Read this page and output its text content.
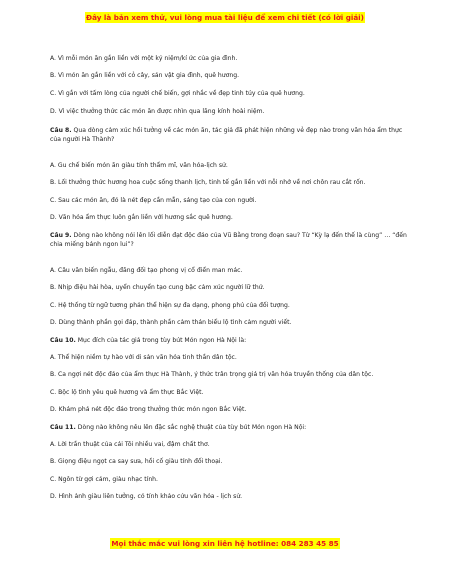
Đây là bản xem thử, vui lòng mua tài liệu để xem chi tiết (có lời giải)
A. Vì mỗi món ăn gắn liền với một kỷ niệm/kí ức của gia đình.
B. Vì món ăn gắn liền với cỏ cây, sản vật gia đình, quê hương.
C. Vì gắn với tấm lòng của người chế biến, gợi nhắc về đẹp tinh túy của quê hương.
D. Vì việc thưởng thức các món ăn được nhìn qua lăng kính hoài niệm.
Câu 8. Qua dòng cảm xúc hồi tưởng về các món ăn, tác giả đã phát hiện những vẻ đẹp nào trong văn hóa ẩm thực của người Hà Thành?
A. Gu chế biến món ăn giàu tính thẩm mĩ, văn hóa-lịch sử.
B. Lối thưởng thức hương hoa cuộc sống thanh lịch, tinh tế gắn liền với nỗi nhớ về nơi chôn rau cắt rốn.
C. Sau các món ăn, đó là nét đẹp cần mẫn, sáng tạo của con người.
D. Văn hóa ẩm thực luôn gắn liền với hương sắc quê hương.
Câu 9. Dòng nào không nói lên lối diễn đạt độc đáo của Vũ Bằng trong đoạn sau? Từ “Kỳ lạ đến thế là cùng” … “đến chia miếng bánh ngon lui”?
A. Câu văn biến ngẫu, đăng đối tạo phong vị cổ điển man mác.
B. Nhịp điệu hài hòa, uyển chuyển tạo cung bậc cảm xúc người lữ thứ.
C. Hệ thống từ ngữ tương phản thể hiện sự đa dạng, phong phú của đối tượng.
D. Dùng thành phần gọi đáp, thành phần cảm thán biểu lộ tình cảm người viết.
Câu 10. Mục đích của tác giả trong tùy bút Món ngon Hà Nội là:
A. Thể hiện niềm tự hào với di sản văn hóa tinh thần dân tộc.
B. Ca ngợi nét độc đáo của ẩm thực Hà Thành, ý thức trân trọng giá trị văn hóa truyền thống của dân tộc.
C. Bộc lộ tình yêu quê hương và ẩm thực Bắc Việt.
D. Khám phá nét độc đáo trong thưởng thức món ngon Bắc Việt.
Câu 11. Dòng nào không nêu lên đặc sắc nghệ thuật của tùy bút Món ngon Hà Nội:
A. Lời trần thuật của cái Tôi nhiều vai, đậm chất thơ.
B. Giọng điệu ngọt ca say sưa, hồi cố giàu tính đối thoại.
C. Ngôn từ gợi cảm, giàu nhạc tính.
D. Hình ảnh giàu liên tưởng, có tính khảo cứu văn hóa - lịch sử.
Mọi thắc mắc vui lòng xin liên hệ hotline: 084 283 45 85
